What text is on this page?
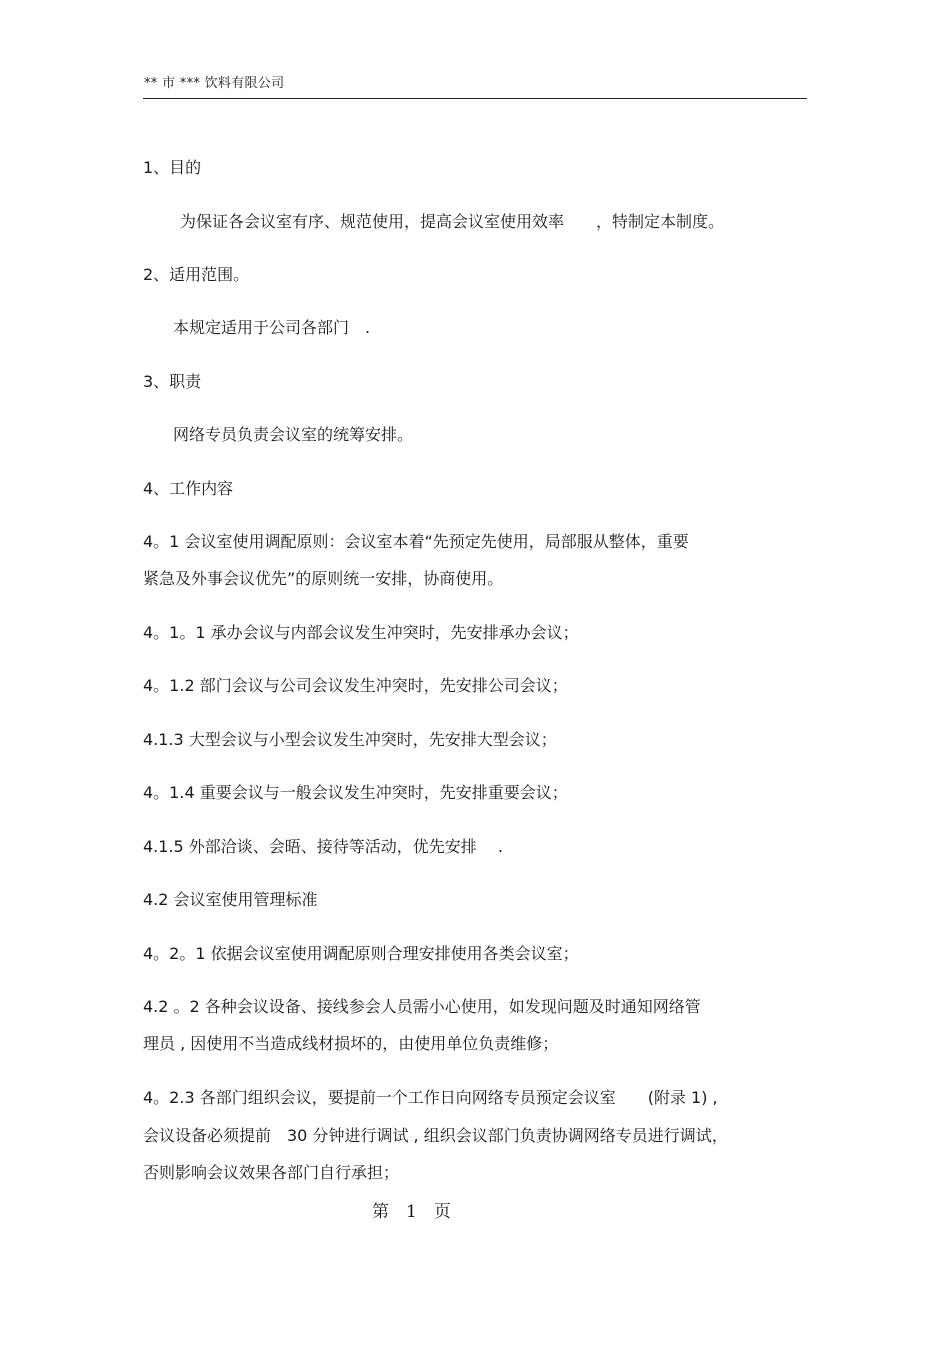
** 市 *** 饮料有限公司
1、目的
为保证各会议室有序、规范使用，提高会议室使用效率　　，特制定本制度。
2、适用范围。
本规定适用于公司各部门　.
3、职责
网络专员负责会议室的统筹安排。
4、工作内容
4。1 会议室使用调配原则：会议室本着“先预定先使用，局部服从整体，重要
紧急及外事会议优先”的原则统一安排，协商使用。
4。1。1 承办会议与内部会议发生冲突时，先安排承办会议；
4。1.2 部门会议与公司会议发生冲突时，先安排公司会议；
4.1.3 大型会议与小型会议发生冲突时，先安排大型会议；
4。1.4 重要会议与一般会议发生冲突时，先安排重要会议；
4.1.5 外部洽谈、会晤、接待等活动，优先安排　 .
4.2 会议室使用管理标准
4。2。1 依据会议室使用调配原则合理安排使用各类会议室；
4.2 。2 各种会议设备、接线参会人员需小心使用，如发现问题及时通知网络管
理员 , 因使用不当造成线材损坏的，由使用单位负责维修；
4。2.3 各部门组织会议，要提前一个工作日向网络专员预定会议室　　(附录 1) ,
会议设备必须提前　30 分钟进行调试 , 组织会议部门负责协调网络专员进行调试，
否则影响会议效果各部门自行承担；
第　1　页
